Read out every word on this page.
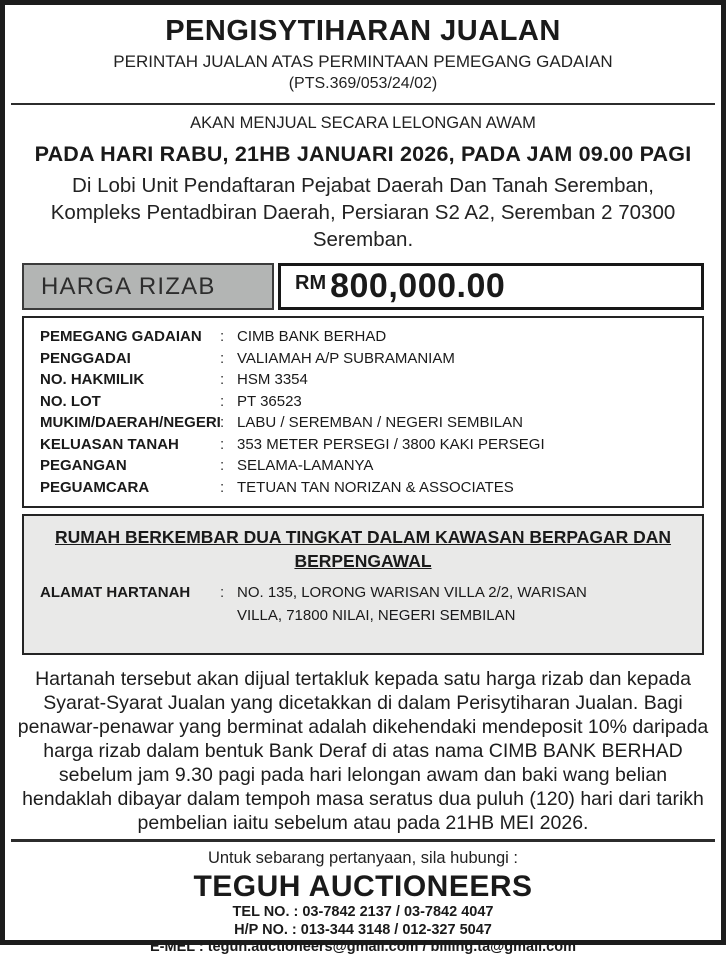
PENGISYTIHARAN JUALAN
PERINTAH JUALAN ATAS PERMINTAAN PEMEGANG GADAIAN
(PTS.369/053/24/02)
AKAN MENJUAL SECARA LELONGAN AWAM
PADA HARI RABU, 21HB JANUARI 2026, PADA JAM 09.00 PAGI
Di Lobi Unit Pendaftaran Pejabat Daerah Dan Tanah Seremban,
Kompleks Pentadbiran Daerah, Persiaran S2 A2, Seremban 2 70300
Seremban.
HARGA RIZAB	RM 800,000.00
PEMEGANG GADAIAN	: CIMB BANK BERHAD
PENGGADAI	: VALIAMAH A/P SUBRAMANIAM
NO. HAKMILIK	: HSM 3354
NO. LOT	: PT 36523
MUKIM/DAERAH/NEGERI : LABU / SEREMBAN / NEGERI SEMBILAN
KELUASAN TANAH	: 353 METER PERSEGI / 3800 KAKI PERSEGI
PEGANGAN	: SELAMA-LAMANYA
PEGUAMCARA	: TETUAN TAN NORIZAN & ASSOCIATES
RUMAH BERKEMBAR DUA TINGKAT DALAM KAWASAN BERPAGAR DAN BERPENGAWAL
ALAMAT HARTANAH	: NO. 135, LORONG WARISAN VILLA 2/2, WARISAN
VILLA, 71800 NILAI, NEGERI SEMBILAN
Hartanah tersebut akan dijual tertakluk kepada satu harga rizab dan kepada
Syarat-Syarat Jualan yang dicetakkan di dalam Perisytiharan Jualan. Bagi
penawar-penawar yang berminat adalah dikehendaki mendeposit 10% daripada
harga rizab dalam bentuk Bank Deraf di atas nama CIMB BANK BERHAD
sebelum jam 9.30 pagi pada hari lelongan awam dan baki wang belian
hendaklah dibayar dalam tempoh masa seratus dua puluh (120) hari dari tarikh
pembelian iaitu sebelum atau pada 21HB MEI 2026.
Untuk sebarang pertanyaan, sila hubungi :
TEGUH AUCTIONEERS
TEL NO. : 03-7842 2137 / 03-7842 4047
H/P NO. : 013-344 3148 / 012-327 5047
E-MEL : teguh.auctioneers@gmail.com / billing.ta@gmail.com
